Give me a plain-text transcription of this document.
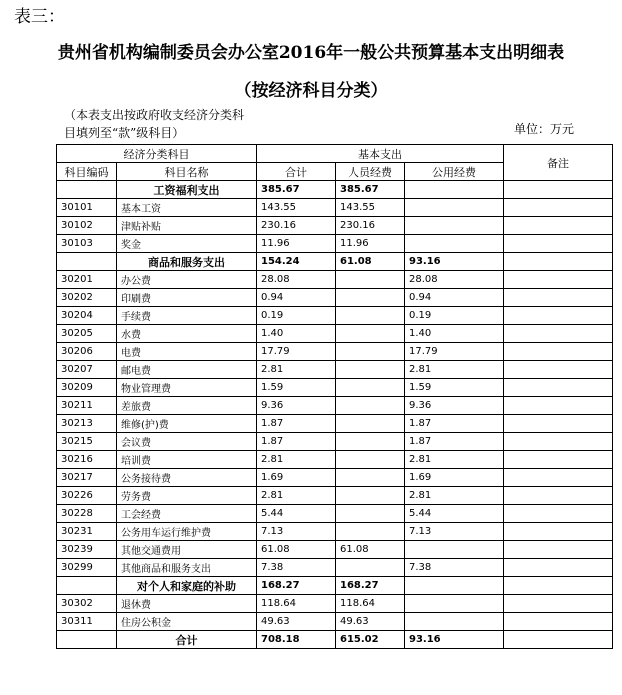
表三：
贵州省机构编制委员会办公室2016年一般公共预算基本支出明细表
（按经济科目分类）
（本表支出按政府收支经济分类科目填列至“款”级科目）	单位：万元
经济分类科目		基本支出			备注
科目编码	科目名称	合计	人员经费	公用经费	
	工资福利支出	385.67	385.67		
30101	基本工资	143.55	143.55		
30102	津贴补贴	230.16	230.16		
30103	奖金	11.96	11.96		
	商品和服务支出	154.24	61.08	93.16	
30201	办公费	28.08		28.08	
30202	印刷费	0.94		0.94	
30204	手续费	0.19		0.19	
30205	水费	1.40		1.40	
30206	电费	17.79		17.79	
30207	邮电费	2.81		2.81	
30209	物业管理费	1.59		1.59	
30211	差旅费	9.36		9.36	
30213	维修(护)费	1.87		1.87	
30215	会议费	1.87		1.87	
30216	培训费	2.81		2.81	
30217	公务接待费	1.69		1.69	
30226	劳务费	2.81		2.81	
30228	工会经费	5.44		5.44	
30231	公务用车运行维护费	7.13		7.13	
30239	其他交通费用	61.08	61.08		
30299	其他商品和服务支出	7.38		7.38	
	对个人和家庭的补助	168.27	168.27		
30302	退休费	118.64	118.64		
30311	住房公积金	49.63	49.63		
	合计	708.18	615.02	93.16	
